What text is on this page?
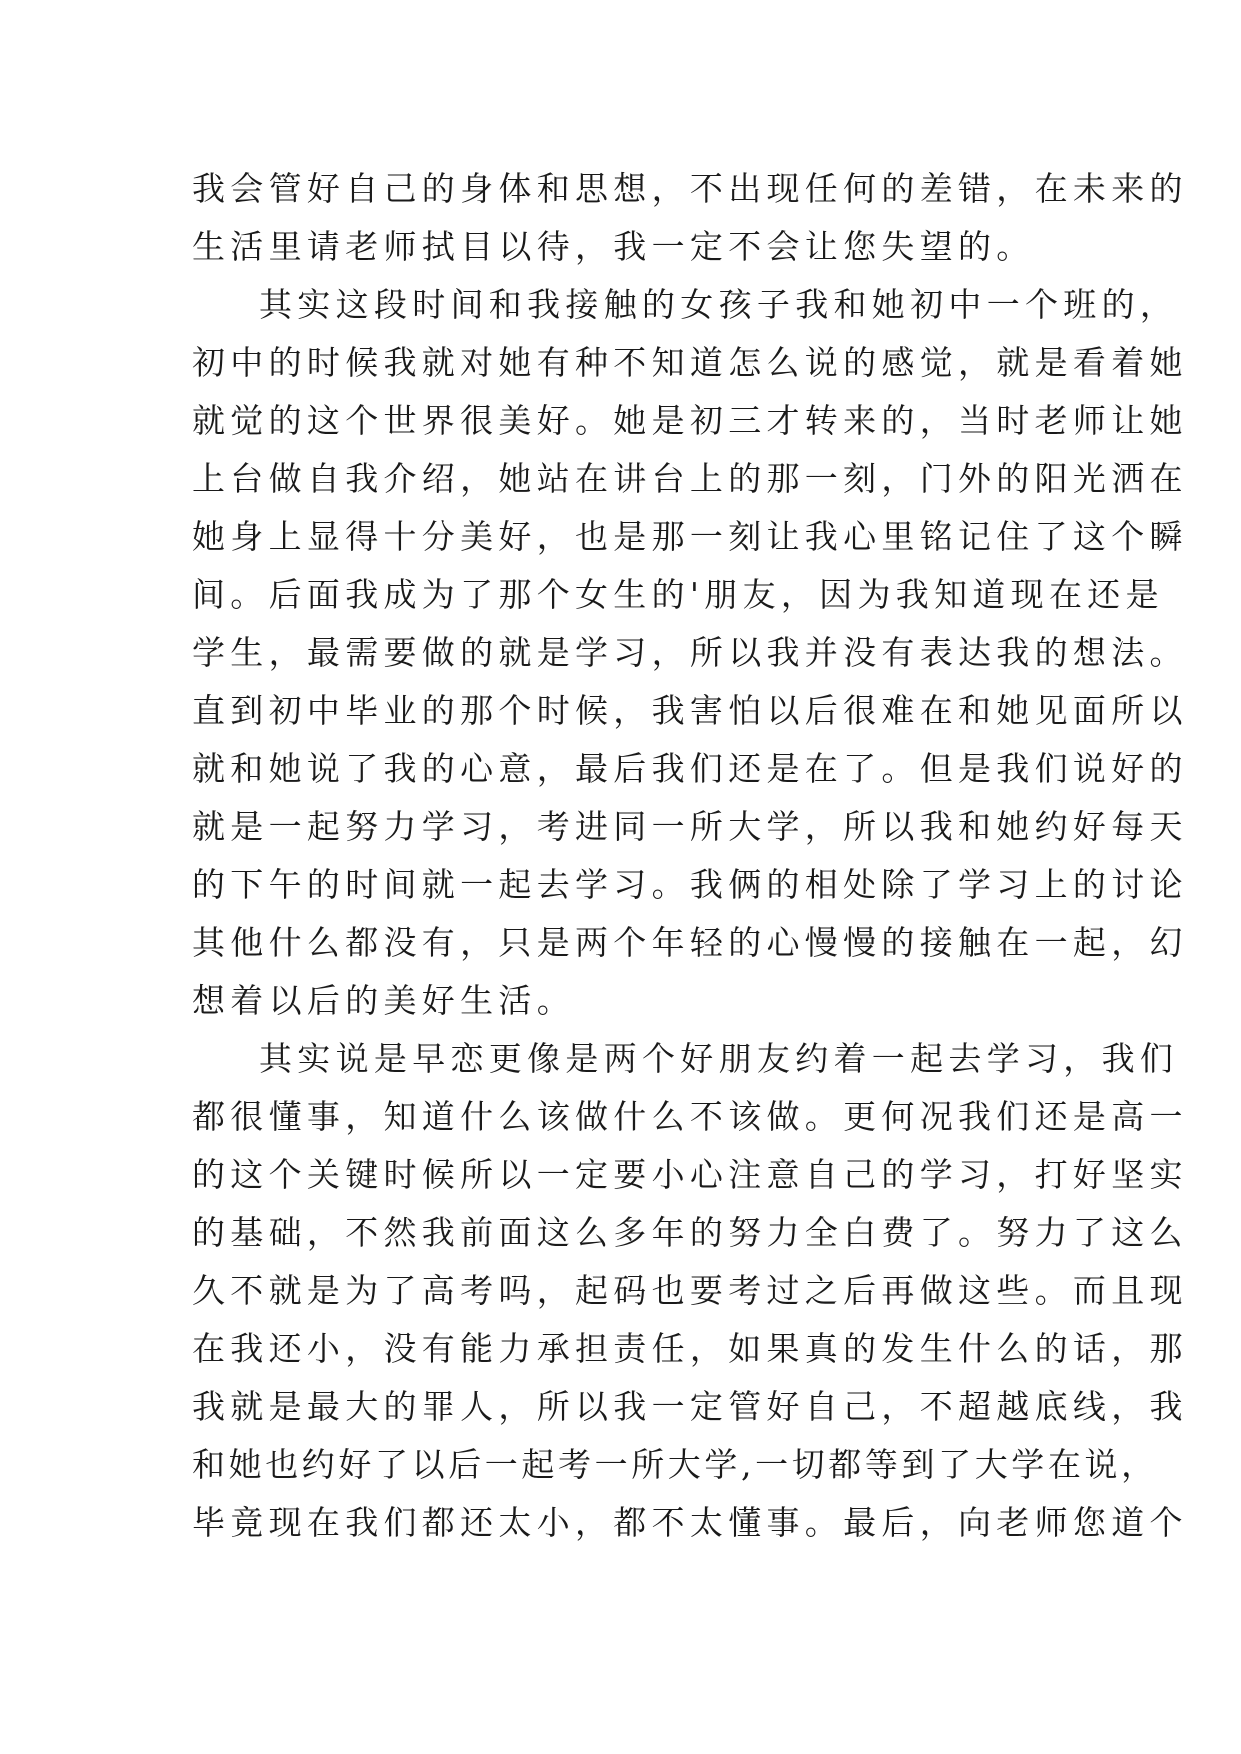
我会管好自己的身体和思想，不出现任何的差错，在未来的
生活里请老师拭目以待，我一定不会让您失望的。
其实这段时间和我接触的女孩子我和她初中一个班的，
初中的时候我就对她有种不知道怎么说的感觉，就是看着她
就觉的这个世界很美好。她是初三才转来的，当时老师让她
上台做自我介绍，她站在讲台上的那一刻，门外的阳光洒在
她身上显得十分美好，也是那一刻让我心里铭记住了这个瞬
间。后面我成为了那个女生的'朋友，因为我知道现在还是
学生，最需要做的就是学习，所以我并没有表达我的想法。
直到初中毕业的那个时候，我害怕以后很难在和她见面所以
就和她说了我的心意，最后我们还是在了。但是我们说好的
就是一起努力学习，考进同一所大学，所以我和她约好每天
的下午的时间就一起去学习。我俩的相处除了学习上的讨论
其他什么都没有，只是两个年轻的心慢慢的接触在一起，幻
想着以后的美好生活。
其实说是早恋更像是两个好朋友约着一起去学习，我们
都很懂事，知道什么该做什么不该做。更何况我们还是高一
的这个关键时候所以一定要小心注意自己的学习，打好坚实
的基础，不然我前面这么多年的努力全白费了。努力了这么
久不就是为了高考吗，起码也要考过之后再做这些。而且现
在我还小，没有能力承担责任，如果真的发生什么的话，那
我就是最大的罪人，所以我一定管好自己，不超越底线，我
和她也约好了以后一起考一所大学,一切都等到了大学在说，
毕竟现在我们都还太小，都不太懂事。最后，向老师您道个
